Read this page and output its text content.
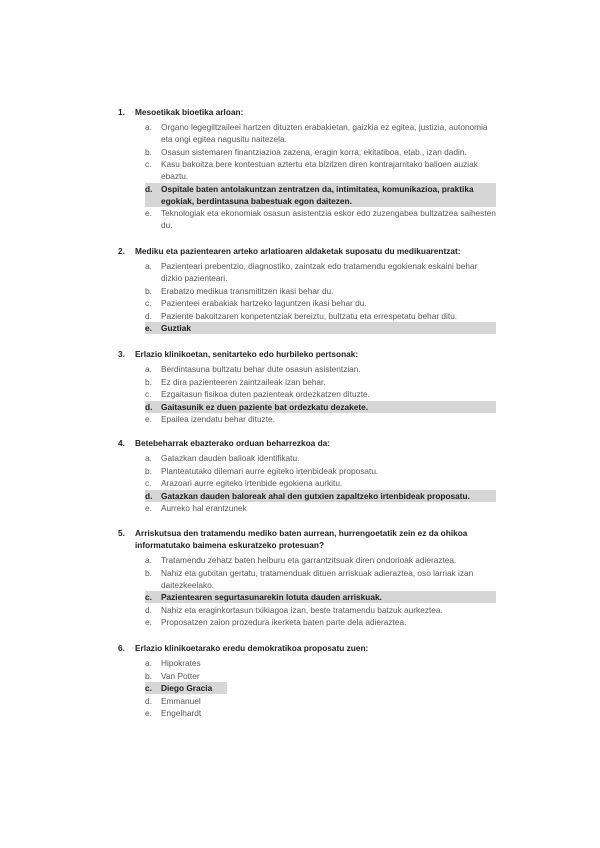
1.	Mesoetikak bioetika arloan:
a.	Organo legegiltzaileei hartzen dituzten erabakietan, gaizkia ez egitea, justizia, autonomia eta ongi egitea nagusitu naitezela.
b.	Osasun sistemaren finantziazioa zazena, eragin korra, ekitatiboa, etab., izan dadin.
c.	Kasu bakoitza bere kontestuan aztertu eta bizitzen diren kontrajarritako balioen auziak ebaztu.
d.	Ospitale baten antolakuntzan zentratzen da, intimitatea, komunikazioa, praktika egokiak, berdintasuna babestuak egon daitezen.
e.	Teknologiak eta ekonomiak osasun asistentzia eskor edo zuzengabea bultzatzea saihesten du.
2.	Mediku eta pazientearen arteko arlatioaren aldaketak suposatu du medikuarentzat:
a.	Pazienteari prebentzio, diagnostiko, zaintzak edo tratamendu egokienak eskaini behar dizkio pazienteari.
b.	Erabatzo medikua transmititzen ikasi behar du.
c.	Pazienteei erabakiak hartzeko laguntzen ikasi behar du.
d.	Paziente bakoitzaren konpetentziak bereiztu, bultzatu eta errespetatu behar ditu.
e.	Guztiak
3.	Erlazio klinikoetan, senitarteko edo hurbileko pertsonak:
a.	Berdintasuna bultzatu behar dute osasun asistentzian.
b.	Ez dira pazienteeren zaintzaileak izan behar.
c.	Ezgaitasun fisikoa duten pazienteak ordezkatzen dituzte.
d.	Gaitasunik ez duen paziente bat ordezkatu dezakete.
e.	Epailea izendatu behar dituzte.
4.	Betebeharrak ebazterako orduan beharrezkoa da:
a.	Gatazkan dauden balioak identifikatu.
b.	Planteatutako dilemari aurre egiteko irtenbideak proposatu.
c.	Arazoari aurre egiteko irtenbide egokiena aurkitu.
d.	Gatazkan dauden baloreak ahal den gutxien zapaltzeko irtenbideak proposatu.
e.	Aurreko hal erantzunek
5.	Arriskutsua den tratamendu mediko baten aurrean, hurrengoetatik zein ez da ohikoa informatutako baimena eskuratzeko protesuan?
a.	Tratamendu zehatz baten helburu eta garrantzitsuak diren ondorioak adieraztea.
b.	Nahiz eta gutxitan gertatu, tratamenduak dituen arriskuak adieraztea, oso larriak izan daitezkeelako.
c.	Pazientearen segurtasunarekin lotuta dauden arriskuak.
d.	Nahiz eta eraginkortasun txikiagoa izan, beste tratamendu batzuk aurkeztea.
e.	Proposatzen zaion prozedura ikerketa baten parte dela adieraztea.
6.	Erlazio klinikoetarako eredu demokratikoa proposatu zuen:
a.	Hipokrates
b.	Van Potter
c.	Diego Gracia
d.	Emmanuel
e.	Engelhardt
